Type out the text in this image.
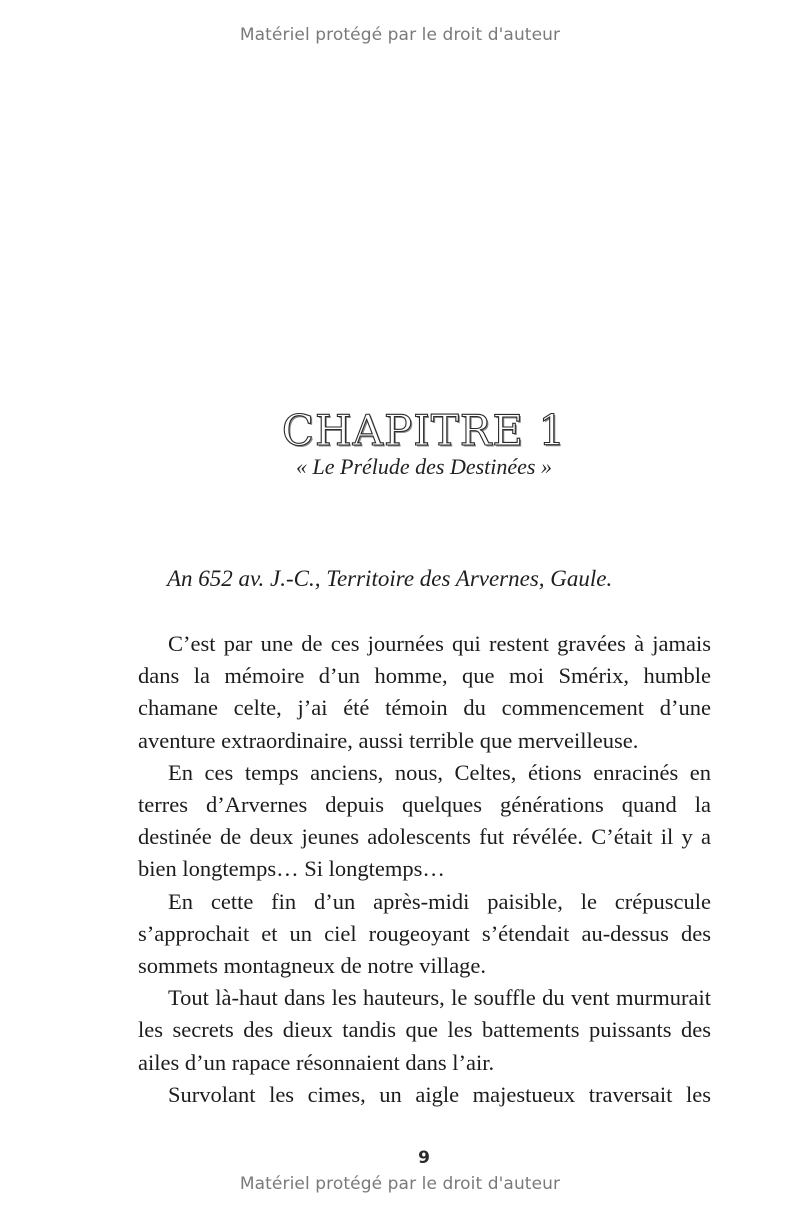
Matériel protégé par le droit d'auteur
CHAPITRE 1
« Le Prélude des Destinées »
An 652 av. J.-C., Territoire des Arvernes, Gaule.

C’est par une de ces journées qui restent gravées à jamais dans la mémoire d’un homme, que moi Smérix, humble chamane celte, j’ai été témoin du commencement d’une aventure extraordinaire, aussi terrible que merveilleuse.

En ces temps anciens, nous, Celtes, étions enracinés en terres d’Arvernes depuis quelques générations quand la destinée de deux jeunes adolescents fut révélée. C’était il y a bien longtemps… Si longtemps…

En cette fin d’un après-midi paisible, le crépuscule s’approchait et un ciel rougeoyant s’étendait au-dessus des sommets montagneux de notre village.

Tout là-haut dans les hauteurs, le souffle du vent murmurait les secrets des dieux tandis que les battements puissants des ailes d’un rapace résonnaient dans l’air.

Survolant les cimes, un aigle majestueux traversait les

9
Matériel protégé par le droit d'auteur
